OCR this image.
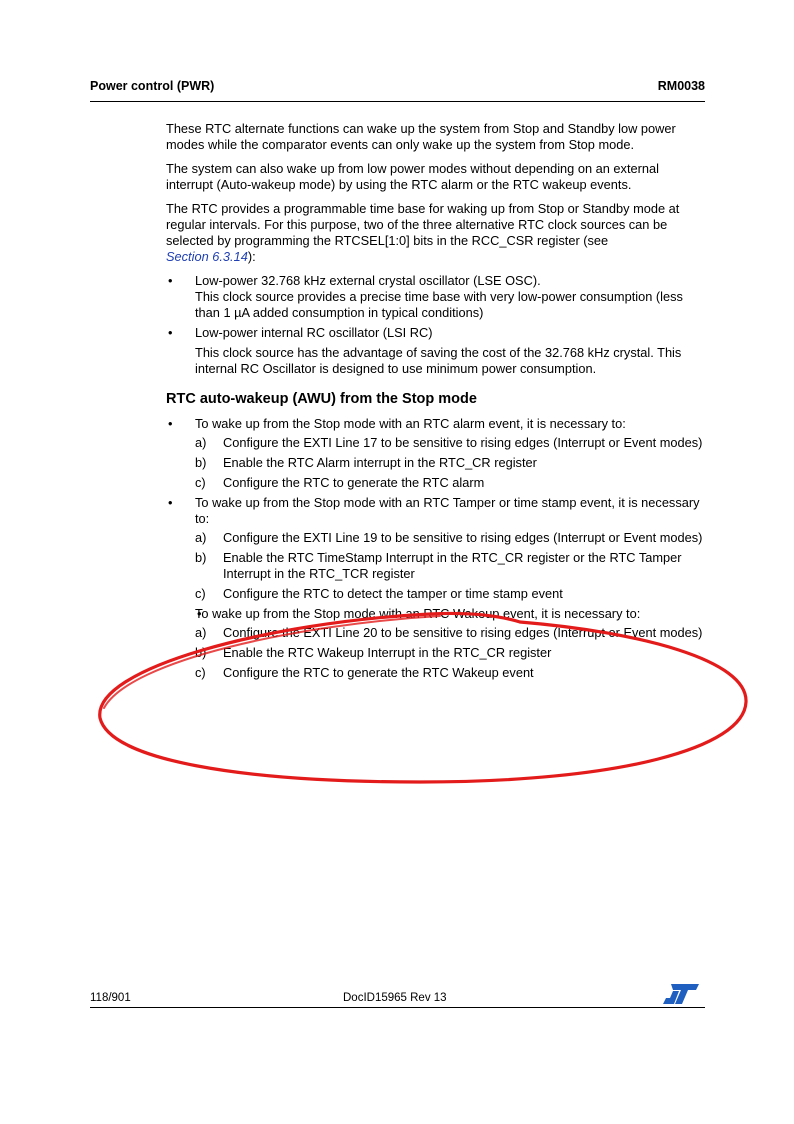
Power control (PWR)	RM0038

These RTC alternate functions can wake up the system from Stop and Standby low power modes while the comparator events can only wake up the system from Stop mode.

The system can also wake up from low power modes without depending on an external interrupt (Auto-wakeup mode) by using the RTC alarm or the RTC wakeup events.

The RTC provides a programmable time base for waking up from Stop or Standby mode at regular intervals. For this purpose, two of the three alternative RTC clock sources can be selected by programming the RTCSEL[1:0] bits in the RCC_CSR register (see
Section 6.3.14):

• Low-power 32.768 kHz external crystal oscillator (LSE OSC).
This clock source provides a precise time base with very low-power consumption (less than 1 µA added consumption in typical conditions)
• Low-power internal RC oscillator (LSI RC)
This clock source has the advantage of saving the cost of the 32.768 kHz crystal. This internal RC Oscillator is designed to use minimum power consumption.
RTC auto-wakeup (AWU) from the Stop mode
• To wake up from the Stop mode with an RTC alarm event, it is necessary to:
a) Configure the EXTI Line 17 to be sensitive to rising edges (Interrupt or Event modes)
b) Enable the RTC Alarm interrupt in the RTC_CR register
c) Configure the RTC to generate the RTC alarm
• To wake up from the Stop mode with an RTC Tamper or time stamp event, it is necessary to:
a) Configure the EXTI Line 19 to be sensitive to rising edges (Interrupt or Event modes)
b) Enable the RTC TimeStamp Interrupt in the RTC_CR register or the RTC Tamper Interrupt in the RTC_TCR register
c) Configure the RTC to detect the tamper or time stamp event
• To wake up from the Stop mode with an RTC Wakeup event, it is necessary to:
a) Configure the EXTI Line 20 to be sensitive to rising edges (Interrupt or Event modes)
b) Enable the RTC Wakeup Interrupt in the RTC_CR register
c) Configure the RTC to generate the RTC Wakeup event
118/901	DocID15965 Rev 13
